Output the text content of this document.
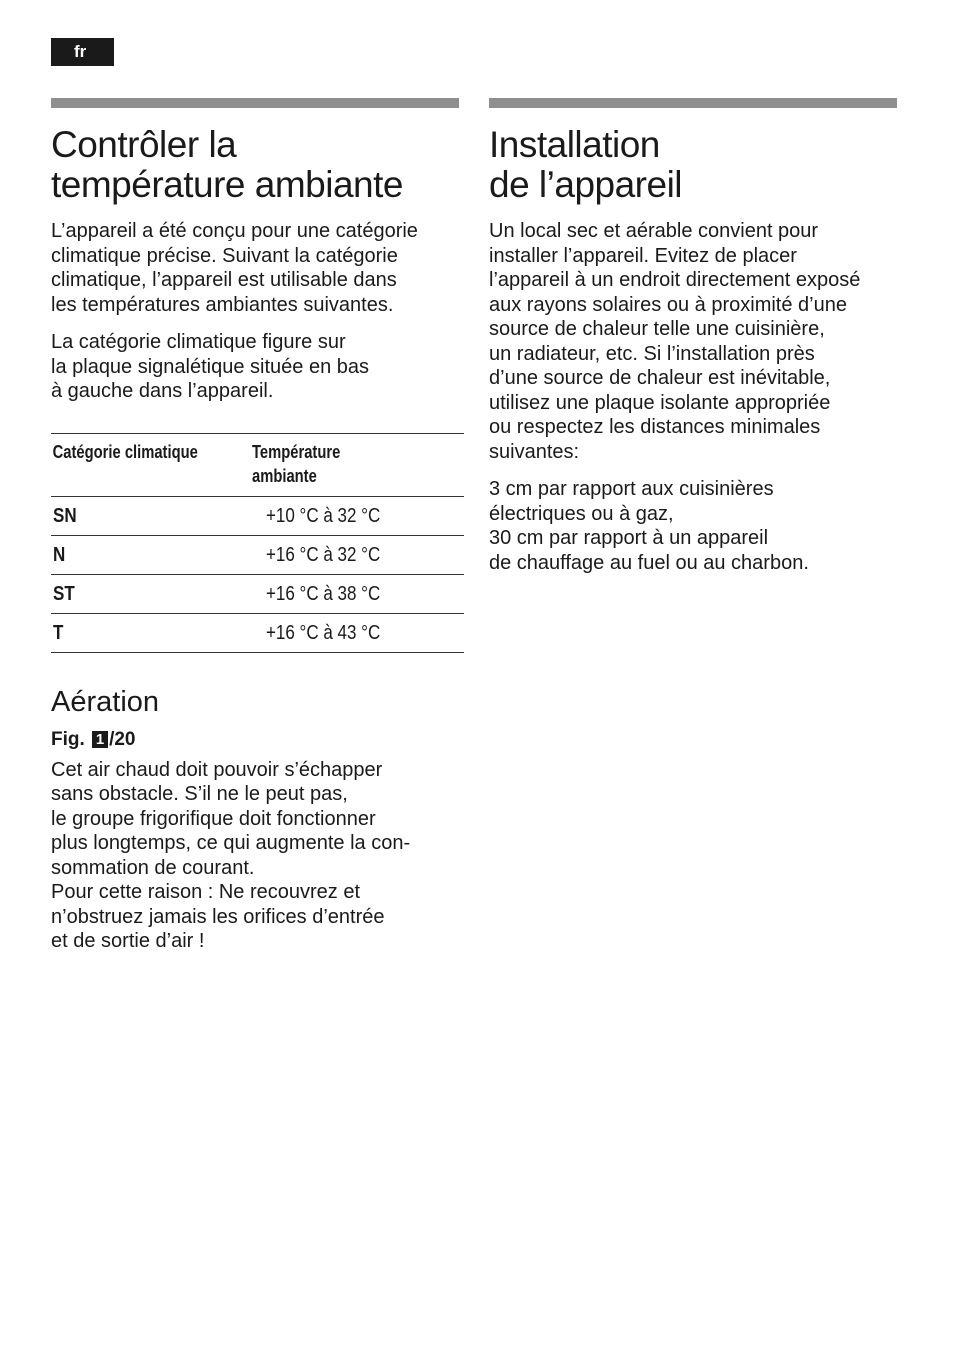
fr
Contrôler la
température ambiante

L’appareil a été conçu pour une catégorie
climatique précise. Suivant la catégorie
climatique, l’appareil est utilisable dans
les températures ambiantes suivantes.

La catégorie climatique figure sur
la plaque signalétique située en bas
à gauche dans l’appareil.

Catégorie climatique	Température
ambiante
SN	+10 °C à 32 °C
N	+16 °C à 32 °C
ST	+16 °C à 38 °C
T	+16 °C à 43 °C
Aération
Fig. 1 /20

Cet air chaud doit pouvoir s’échapper
sans obstacle. S’il ne le peut pas,
le groupe frigorifique doit fonctionner
plus longtemps, ce qui augmente la con-
sommation de courant.
Pour cette raison : Ne recouvrez et
n’obstruez jamais les orifices d’entrée
et de sortie d’air !

Installation
de l’appareil

Un local sec et aérable convient pour
installer l’appareil. Evitez de placer
l’appareil à un endroit directement exposé
aux rayons solaires ou à proximité d’une
source de chaleur telle une cuisinière,
un radiateur, etc. Si l’installation près
d’une source de chaleur est inévitable,
utilisez une plaque isolante appropriée
ou respectez les distances minimales
suivantes:

3 cm par rapport aux cuisinières
électriques ou à gaz,
30 cm par rapport à un appareil
de chauffage au fuel ou au charbon.
